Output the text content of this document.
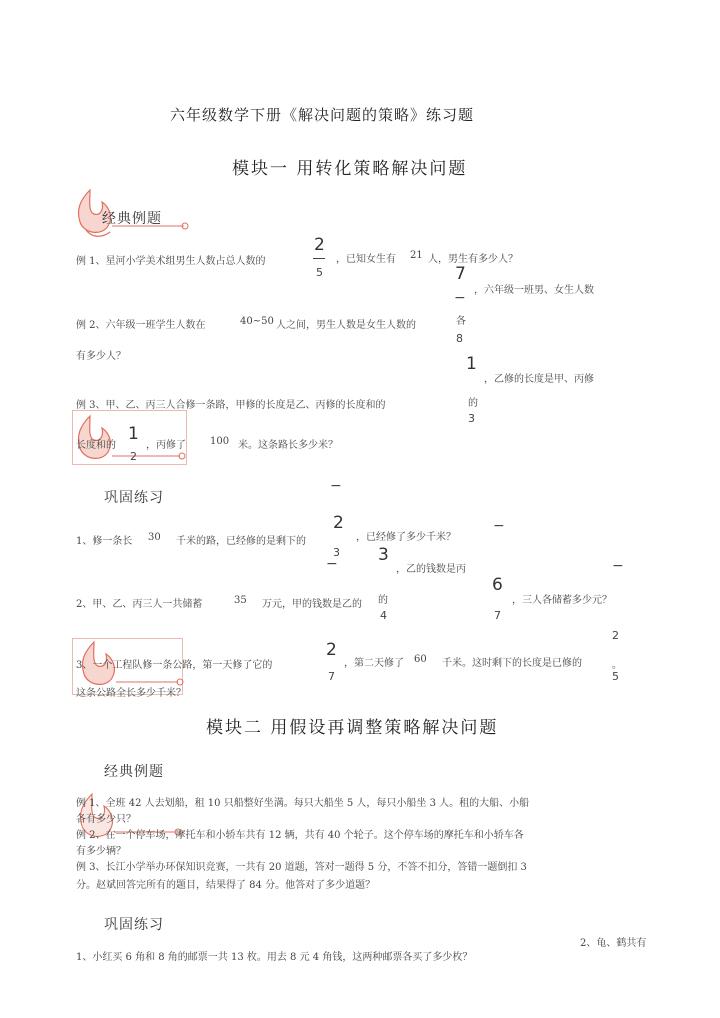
六年级数学下册《解决问题的策略》练习题
模块一 用转化策略解决问题
经典例题
例 1、星河小学美术组男生人数占总人数的
2
5
，已知女生有 21 人，男生有多少人？
7
，六年级一班男、女生人数
−
各
例 2、六年级一班学生人数在	40~50 人之间，男生人数是女生人数的
8
有多少人？	1
，乙修的长度是甲、丙修
的
例 3、甲、乙、丙三人合修一条路，甲修的长度是乙、丙修的长度和的
3
长度和的
1
2
，丙修了 100 米。这条路长多少米？
−
巩固练习
1、修一条长 30 千米的路，已经修的是剩下的
2
，已经修了多少千米？
−
3 3
−	，乙的钱数是丙	−
6
2、甲、乙、丙三人一共储蓄	35 万元，甲的钱数是乙的 的	，三人各储蓄多少元？
4	7
2
2
3、一个工程队修一条公路，第一天修了它的	，第二天修了 60 千米。这时剩下的长度是已修的	。
7	5
这条公路全长多少千米？
模块二 用假设再调整策略解决问题
经典例题
例 1、全班 42 人去划船，租 10 只船整好坐满。每只大船坐 5 人，每只小船坐 3 人。租的大船、小船
各有多少只？
例 2、在一个停车场，摩托车和小轿车共有 12 辆，共有 40 个轮子。这个停车场的摩托车和小轿车各
有多少辆？
例 3、长江小学举办环保知识竞赛，一共有 20 道题，答对一题得 5 分，不答不扣分，答错一题倒扣 3
分。赵斌回答完所有的题目，结果得了 84 分。他答对了多少道题？
巩固练习
2、龟、鹤共有
1、小红买 6 角和 8 角的邮票一共 13 枚。用去 8 元 4 角钱，这两种邮票各买了多少枚？
